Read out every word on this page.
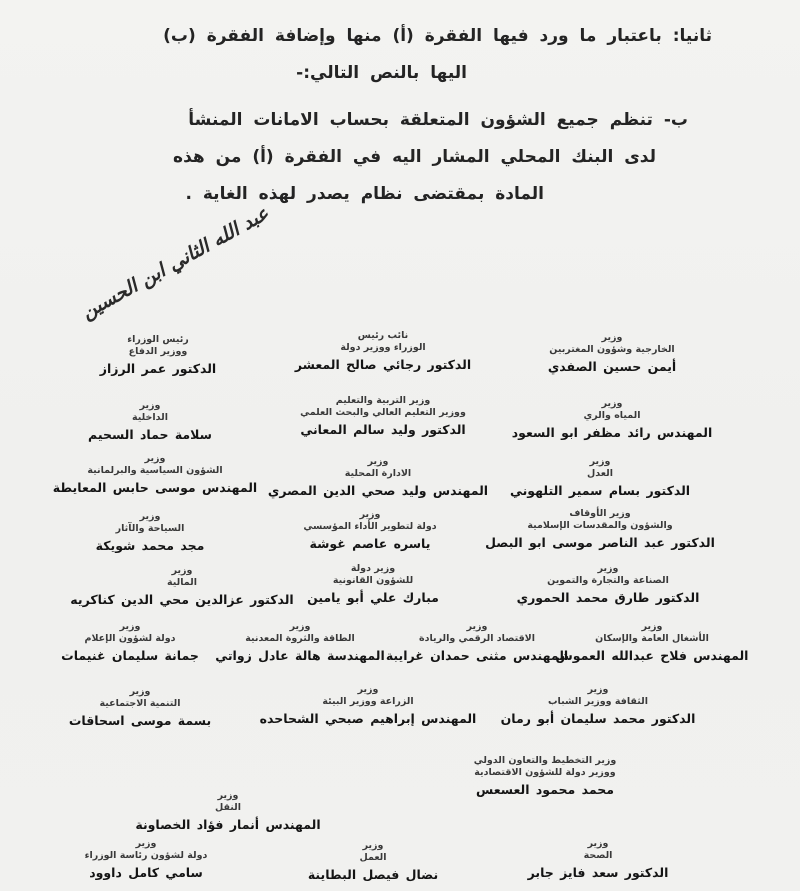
ثانيا: باعتبار ما ورد فيها الفقرة (أ) منها وإضافة الفقرة (ب)
اليها بالنص التالي:-
ب- تنظم جميع الشؤون المتعلقة بحساب الامانات المنشأ
لدى البنك المحلي المشار اليه في الفقرة (أ) من هذه
المادة بمقتضى نظام يصدر لهذه الغاية .
عبد الله الثاني ابن الحسين
وزير
الخارجية وشؤون المغتربين
أيمن حسين الصفدي
نائب رئيس
الوزراء ووزير دولة
الدكتور رجائي صالح المعشر
رئيس الوزراء
ووزير الدفاع
الدكتور عمر الرزاز
وزير
المياه والري
المهندس رائد مظفر ابو السعود
وزير التربية والتعليم
ووزير التعليم العالي والبحث العلمي
الدكتور وليد سالم المعاني
وزير
الداخلية
سلامة حماد السحيم
وزير
العدل
الدكتور بسام سمير التلهوني
وزير
الادارة المحلية
المهندس وليد صحي الدين المصري
وزير
الشؤون السياسية والبرلمانية
المهندس موسى حابس المعايطة
وزير الأوقاف
والشؤون والمقدسات الإسلامية
الدكتور عبد الناصر موسى ابو البصل
وزير
دولة لتطوير الأداء المؤسسي
ياسره عاصم غوشة
وزير
السياحة والآثار
مجد محمد شويكة
وزير
الصناعة والتجارة والتموين
الدكتور طارق محمد الحموري
وزير دولة
للشؤون القانونية
مبارك علي أبو يامين
وزير
المالية
الدكتور عزالدين محي الدين كناكريه
وزير
الأشغال العامة والإسكان
المهندس فلاح عبدالله العموش
وزير
الاقتصاد الرقمي والريادة
المهندس مثنى حمدان غرايبة
وزير
الطاقة والثروة المعدنية
المهندسة هالة عادل زواتي
وزير
دولة لشؤون الإعلام
جمانة سليمان غنيمات
وزير
الثقافة ووزير الشباب
الدكتور محمد سليمان أبو رمان
وزير
الزراعة ووزير البيئة
المهندس إبراهيم صبحي الشحاحده
وزير
التنمية الاجتماعية
بسمة موسى اسحاقات
وزير التخطيط والتعاون الدولي
ووزير دولة للشؤون الاقتصادية
محمد محمود العسعس
وزير
النقل
المهندس أنمار فؤاد الخصاونة
وزير
الصحة
الدكتور سعد فايز جابر
وزير
العمل
نضال فيصل البطاينة
وزير
دولة لشؤون رئاسة الوزراء
سامي كامل داوود
